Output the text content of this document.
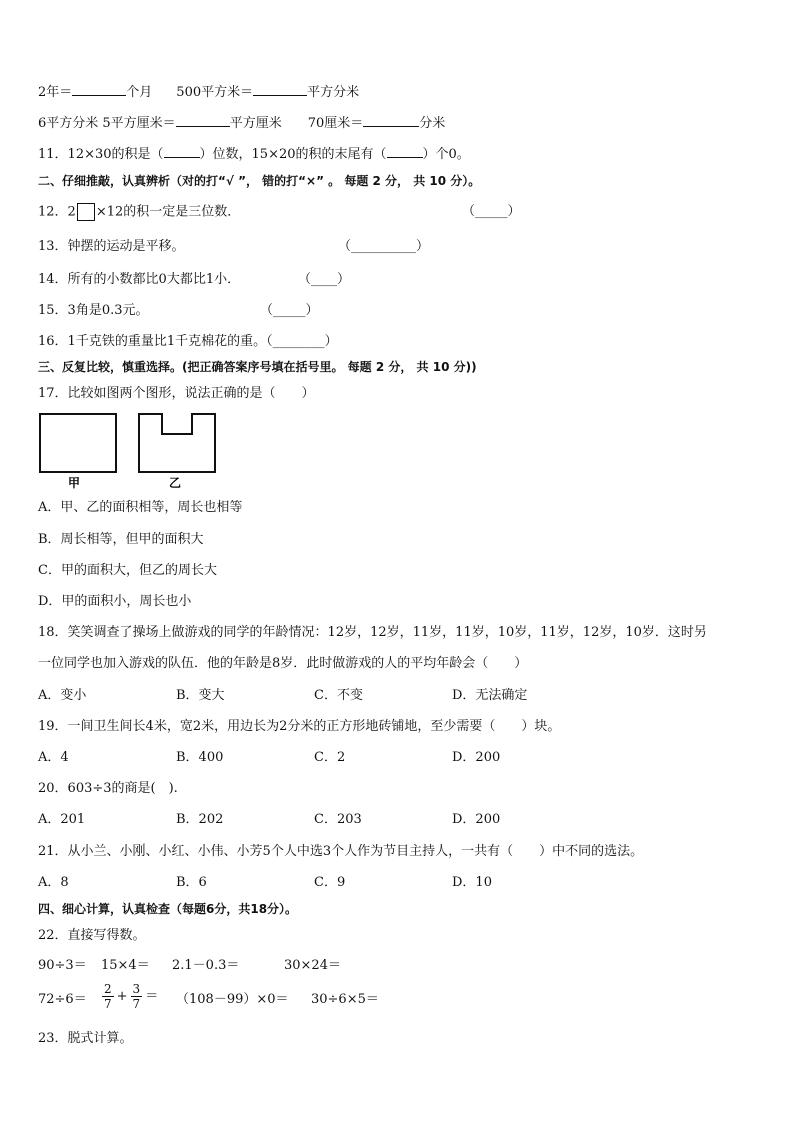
2年＝	个月 500平方米＝	平方分米
6平方分米 5平方厘米＝	平方厘米 70厘米＝	分米
11．12×30的积是（	）位数，15×20的积的末尾有（	）个0。
二、仔细推敲，认真辨析（对的打“√ ”， 错的打“×” 。 每题 2 分， 共 10 分）。
12．2 ×12的积一定是三位数．	（_____）
13．钟摆的运动是平移。	（__________）
14．所有的小数都比0大都比1小．	（____）
15．3角是0.3元。	（_____）
16．1千克铁的重量比1千克棉花的重。（________）
三、反复比较，慎重选择。(把正确答案序号填在括号里。 每题 2 分， 共 10 分))
17．比较如图两个图形，说法正确的是（　　）
甲	乙
A．甲、乙的面积相等，周长也相等
B．周长相等，但甲的面积大
C．甲的面积大，但乙的周长大
D．甲的面积小，周长也小
18．笑笑调查了操场上做游戏的同学的年龄情况：12岁，12岁，11岁，11岁，10岁，11岁，12岁，10岁．这时另
一位同学也加入游戏的队伍．他的年龄是8岁．此时做游戏的人的平均年龄会（　　）
A．变小	B．变大	C．不变	D．无法确定
19．一间卫生间长4米，宽2米，用边长为2分米的正方形地砖铺地，至少需要（　　）块。
A．4	B．400	C．2	D．200
20．603÷3的商是(　).
A．201	B．202	C．203	D．200
21．从小兰、小刚、小红、小伟、小芳5个人中选3个人作为节目主持人，一共有（　　）中不同的选法。
A．8	B．6	C．9	D．10
四、细心计算，认真检查（每题6分，共18分）。
22．直接写得数。
90÷3＝ 15×4＝ 2.1－0.3＝	30×24＝
$72\div 6= \frac{2}{7} + \frac{3}{7} = (108-99)\times 0= 30\div 6\times 5=$
23．脱式计算。
